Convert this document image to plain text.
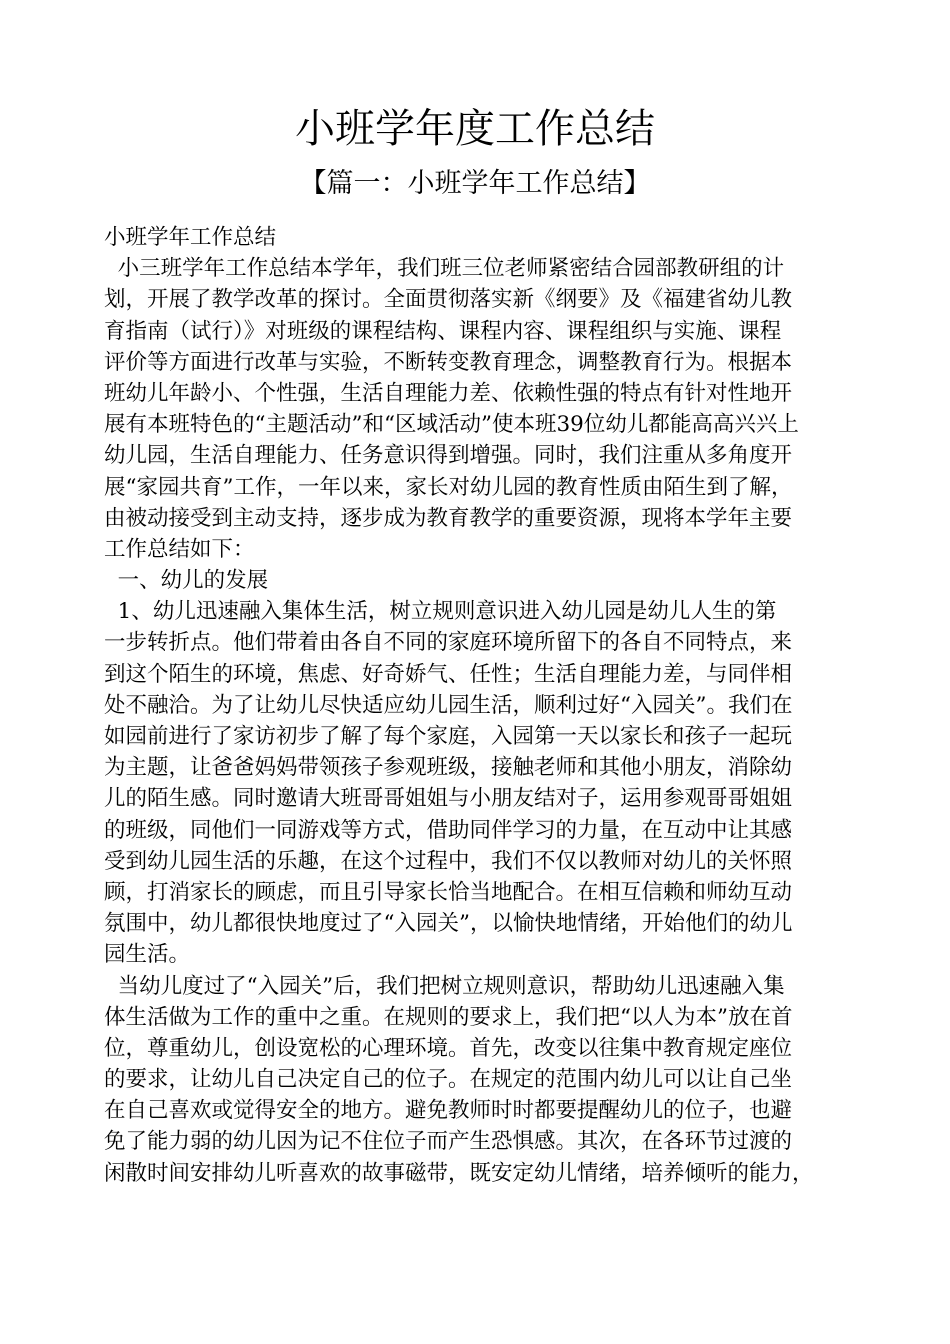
小班学年度工作总结
【篇一：小班学年工作总结】
小班学年工作总结
小三班学年工作总结本学年，我们班三位老师紧密结合园部教研组的计
划，开展了教学改革的探讨。全面贯彻落实新《纲要》及《福建省幼儿教
育指南（试行）》对班级的课程结构、课程内容、课程组织与实施、课程
评价等方面进行改革与实验，不断转变教育理念，调整教育行为。根据本
班幼儿年龄小、个性强，生活自理能力差、依赖性强的特点有针对性地开
展有本班特色的“主题活动”和“区域活动”使本班39位幼儿都能高高兴兴上
幼儿园，生活自理能力、任务意识得到增强。同时，我们注重从多角度开
展“家园共育”工作，一年以来，家长对幼儿园的教育性质由陌生到了解，
由被动接受到主动支持，逐步成为教育教学的重要资源，现将本学年主要
工作总结如下：
一、幼儿的发展
1、幼儿迅速融入集体生活，树立规则意识进入幼儿园是幼儿人生的第
一步转折点。他们带着由各自不同的家庭环境所留下的各自不同特点，来
到这个陌生的环境，焦虑、好奇娇气、任性；生活自理能力差，与同伴相
处不融洽。为了让幼儿尽快适应幼儿园生活，顺利过好“入园关”。我们在
如园前进行了家访初步了解了每个家庭，入园第一天以家长和孩子一起玩
为主题，让爸爸妈妈带领孩子参观班级，接触老师和其他小朋友，消除幼
儿的陌生感。同时邀请大班哥哥姐姐与小朋友结对子，运用参观哥哥姐姐
的班级，同他们一同游戏等方式，借助同伴学习的力量，在互动中让其感
受到幼儿园生活的乐趣，在这个过程中，我们不仅以教师对幼儿的关怀照
顾，打消家长的顾虑，而且引导家长恰当地配合。在相互信赖和师幼互动
氛围中，幼儿都很快地度过了“入园关”，以愉快地情绪，开始他们的幼儿
园生活。
当幼儿度过了“入园关”后，我们把树立规则意识，帮助幼儿迅速融入集
体生活做为工作的重中之重。在规则的要求上，我们把“以人为本”放在首
位，尊重幼儿，创设宽松的心理环境。首先，改变以往集中教育规定座位
的要求，让幼儿自己决定自己的位子。在规定的范围内幼儿可以让自己坐
在自己喜欢或觉得安全的地方。避免教师时时都要提醒幼儿的位子，也避
免了能力弱的幼儿因为记不住位子而产生恐惧感。其次，在各环节过渡的
闲散时间安排幼儿听喜欢的故事磁带，既安定幼儿情绪，培养倾听的能力，
